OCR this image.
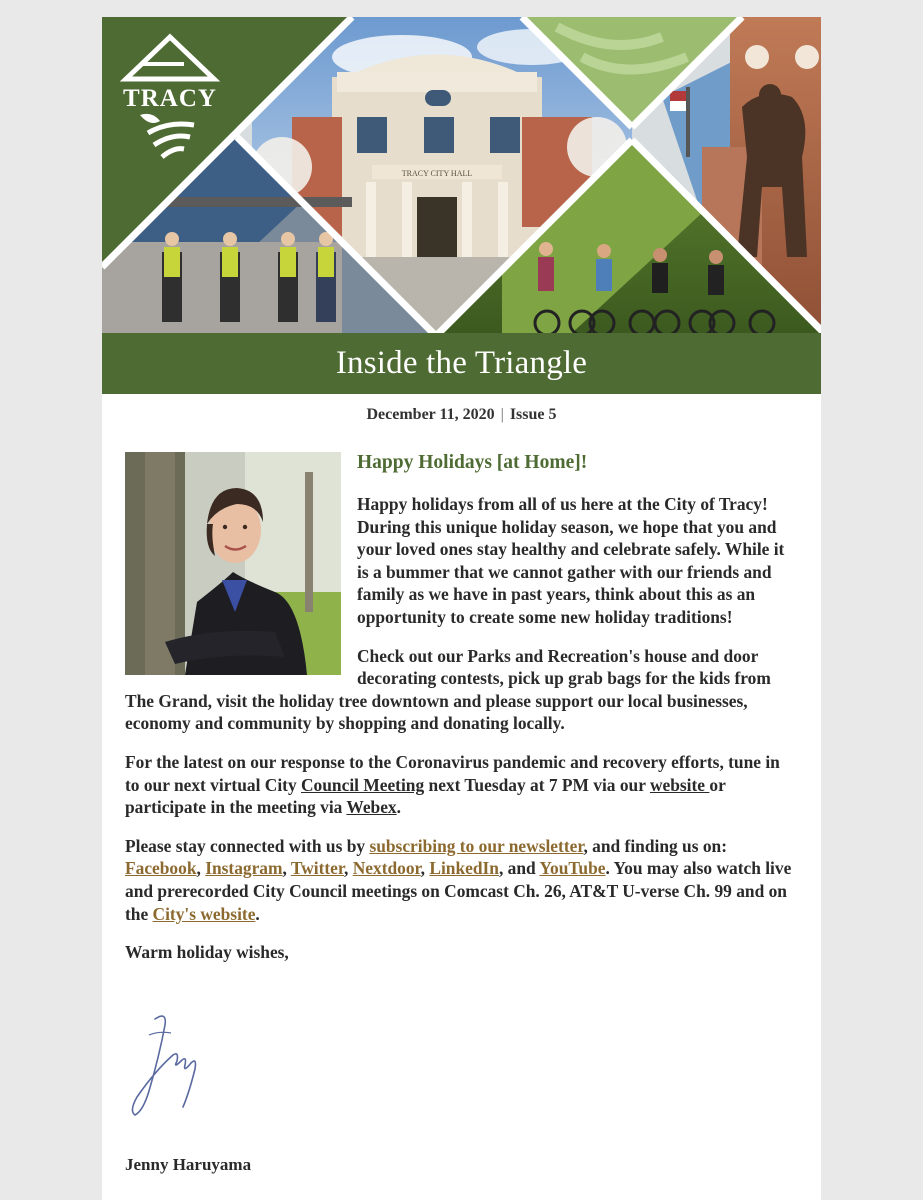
TRACY CITY HALL
TRACY
Inside the Triangle
December 11, 2020 | Issue 5
Happy Holidays [at Home]!

Happy holidays from all of us here at the City of Tracy! During this unique holiday season, we hope that you and your loved ones stay healthy and celebrate safely. While it is a bummer that we cannot gather with our friends and family as we have in past years, think about this as an opportunity to create some new holiday traditions!

Check out our Parks and Recreation's house and door decorating contests, pick up grab bags for the kids from The Grand, visit the holiday tree downtown and please support our local businesses, economy and community by shopping and donating locally.

For the latest on our response to the Coronavirus pandemic and recovery efforts, tune in to our next virtual City Council Meeting next Tuesday at 7 PM via our website or participate in the meeting via Webex.

Please stay connected with us by subscribing to our newsletter, and finding us on: Facebook, Instagram, Twitter, Nextdoor, LinkedIn, and YouTube. You may also watch live and prerecorded City Council meetings on Comcast Ch. 26, AT&T U-verse Ch. 99 and on the City's website.

Warm holiday wishes,

Jenny Haruyama
